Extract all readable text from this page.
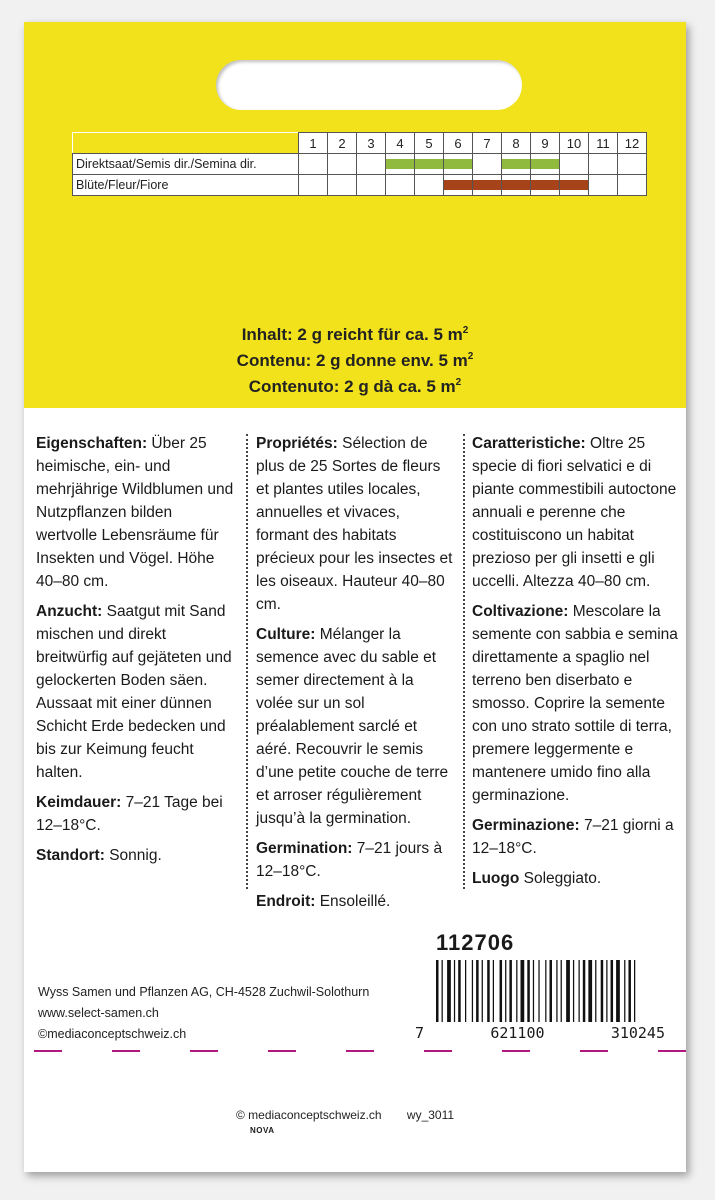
	1	2	3	4	5	6	7	8	9	10	11	12
Direktsaat/Semis dir./Semina dir.				

Blüte/Fleur/Fiore						

Inhalt: 2 g reicht für ca. 5 $m^2$
Contenu: 2 g donne env. 5 $m^2$
Contenuto: 2 g dà ca. 5 $m^2$

Eigenschaften: Über 25 heimische, ein- und mehrjährige Wildblumen und Nutzpflanzen bilden wertvolle Lebensräume für Insekten und Vögel. Höhe 40–80 cm.

Anzucht: Saatgut mit Sand mischen und direkt breitwürfig auf gejäteten und gelockerten Boden säen. Aussaat mit einer dünnen Schicht Erde bedecken und bis zur Keimung feucht halten.

Keimdauer: 7–21 Tage bei 12–18°C.

Standort: Sonnig.

Propriétés: Sélection de plus de 25 Sortes de fleurs et plantes utiles locales, annuelles et vivaces, formant des habitats précieux pour les insectes et les oiseaux. Hauteur 40–80 cm.

Culture: Mélanger la semence avec du sable et semer directement à la volée sur un sol préalablement sarclé et aéré. Recouvrir le semis d’une petite couche de terre et arroser régulièrement jusqu’à la germination.

Germination: 7–21 jours à 12–18°C.

Endroit: Ensoleillé.

Caratteristiche: Oltre 25 specie di fiori selvatici e di piante commestibili autoctone annuali e perenne che costituiscono un habitat prezioso per gli insetti e gli uccelli. Altezza 40–80 cm.

Coltivazione: Mescolare la semente con sabbia e semina direttamente a spaglio nel terreno ben diserbato e smosso. Coprire la semente con uno strato sottile di terra, premere leggermente e mantenere umido fino alla germinazione.

Germinazione: 7–21 giorni a 12–18°C.

Luogo Soleggiato.

112706
7	621100	310245
Wyss Samen und Pflanzen AG, CH-4528 Zuchwil-Solothurn
www.select-samen.ch
©mediaconceptschweiz.ch
© mediaconceptschweiz.ch wy_3011
NOVA
